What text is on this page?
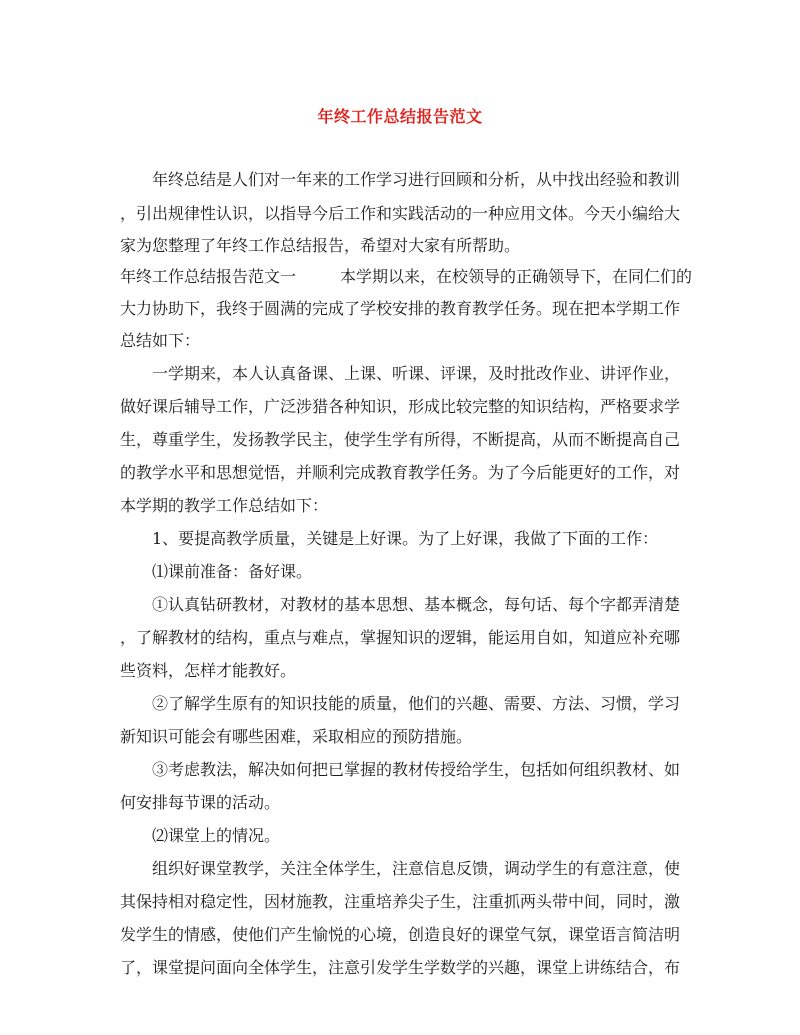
年终工作总结报告范文
年终总结是人们对一年来的工作学习进行回顾和分析，从中找出经验和教训
，引出规律性认识，以指导今后工作和实践活动的一种应用文体。今天小编给大
家为您整理了年终工作总结报告，希望对大家有所帮助。
年终工作总结报告范文一	本学期以来，在校领导的正确领导下，在同仁们的
大力协助下，我终于圆满的完成了学校安排的教育教学任务。现在把本学期工作
总结如下：
一学期来，本人认真备课、上课、听课、评课，及时批改作业、讲评作业，
做好课后辅导工作，广泛涉猎各种知识，形成比较完整的知识结构，严格要求学
生，尊重学生，发扬教学民主，使学生学有所得，不断提高，从而不断提高自己
的教学水平和思想觉悟，并顺利完成教育教学任务。为了今后能更好的工作，对
本学期的教学工作总结如下：
1、要提高教学质量，关键是上好课。为了上好课，我做了下面的工作：
⑴课前准备：备好课。
①认真钻研教材，对教材的基本思想、基本概念，每句话、每个字都弄清楚
，了解教材的结构，重点与难点，掌握知识的逻辑，能运用自如，知道应补充哪
些资料，怎样才能教好。
②了解学生原有的知识技能的质量，他们的兴趣、需要、方法、习惯，学习
新知识可能会有哪些困难，采取相应的预防措施。
③考虑教法，解决如何把已掌握的教材传授给学生，包括如何组织教材、如
何安排每节课的活动。
⑵课堂上的情况。
组织好课堂教学，关注全体学生，注意信息反馈，调动学生的有意注意，使
其保持相对稳定性，因材施教，注重培养尖子生，注重抓两头带中间，同时，激
发学生的情感，使他们产生愉悦的心境，创造良好的课堂气氛，课堂语言简洁明
了，课堂提问面向全体学生，注意引发学生学数学的兴趣，课堂上讲练结合，布
